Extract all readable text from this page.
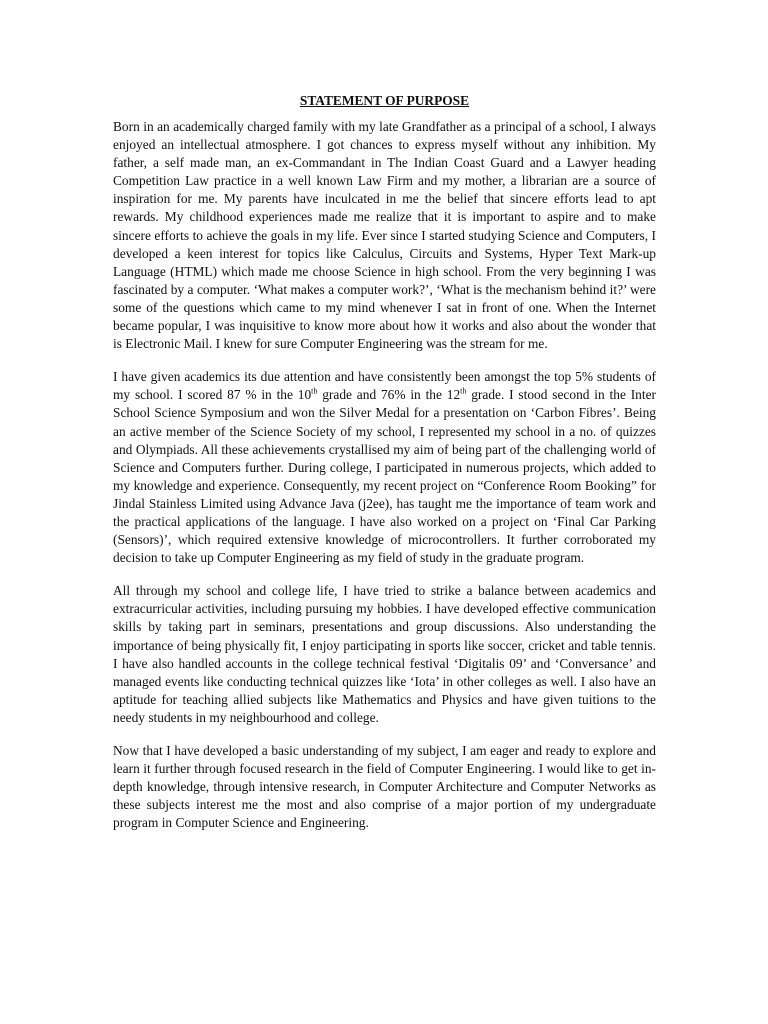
STATEMENT OF PURPOSE

Born in an academically charged family with my late Grandfather as a principal of a school, I always enjoyed an intellectual atmosphere. I got chances to express myself without any inhibition. My father, a self made man, an ex-Commandant in The Indian Coast Guard and a Lawyer heading Competition Law practice in a well known Law Firm and my mother, a librarian are a source of inspiration for me. My parents have inculcated in me the belief that sincere efforts lead to apt rewards. My childhood experiences made me realize that it is important to aspire and to make sincere efforts to achieve the goals in my life. Ever since I started studying Science and Computers, I developed a keen interest for topics like Calculus, Circuits and Systems, Hyper Text Mark-up Language (HTML) which made me choose Science in high school. From the very beginning I was fascinated by a computer. ‘What makes a computer work?’, ‘What is the mechanism behind it?’ were some of the questions which came to my mind whenever I sat in front of one. When the Internet became popular, I was inquisitive to know more about how it works and also about the wonder that is Electronic Mail. I knew for sure Computer Engineering was the stream for me.

I have given academics its due attention and have consistently been amongst the top 5% students of my school. I scored 87 % in the 10th grade and 76% in the 12th grade. I stood second in the Inter School Science Symposium and won the Silver Medal for a presentation on ‘Carbon Fibres’. Being an active member of the Science Society of my school, I represented my school in a no. of quizzes and Olympiads. All these achievements crystallised my aim of being part of the challenging world of Science and Computers further. During college, I participated in numerous projects, which added to my knowledge and experience. Consequently, my recent project on “Conference Room Booking” for Jindal Stainless Limited using Advance Java (j2ee), has taught me the importance of team work and the practical applications of the language. I have also worked on a project on ‘Final Car Parking (Sensors)’, which required extensive knowledge of microcontrollers. It further corroborated my decision to take up Computer Engineering as my field of study in the graduate program.

All through my school and college life, I have tried to strike a balance between academics and extracurricular activities, including pursuing my hobbies. I have developed effective communication skills by taking part in seminars, presentations and group discussions. Also understanding the importance of being physically fit, I enjoy participating in sports like soccer, cricket and table tennis. I have also handled accounts in the college technical festival ‘Digitalis 09’ and ‘Conversance’ and managed events like conducting technical quizzes like ‘Iota’ in other colleges as well. I also have an aptitude for teaching allied subjects like Mathematics and Physics and have given tuitions to the needy students in my neighbourhood and college.

Now that I have developed a basic understanding of my subject, I am eager and ready to explore and learn it further through focused research in the field of Computer Engineering. I would like to get in-depth knowledge, through intensive research, in Computer Architecture and Computer Networks as these subjects interest me the most and also comprise of a major portion of my undergraduate program in Computer Science and Engineering.
